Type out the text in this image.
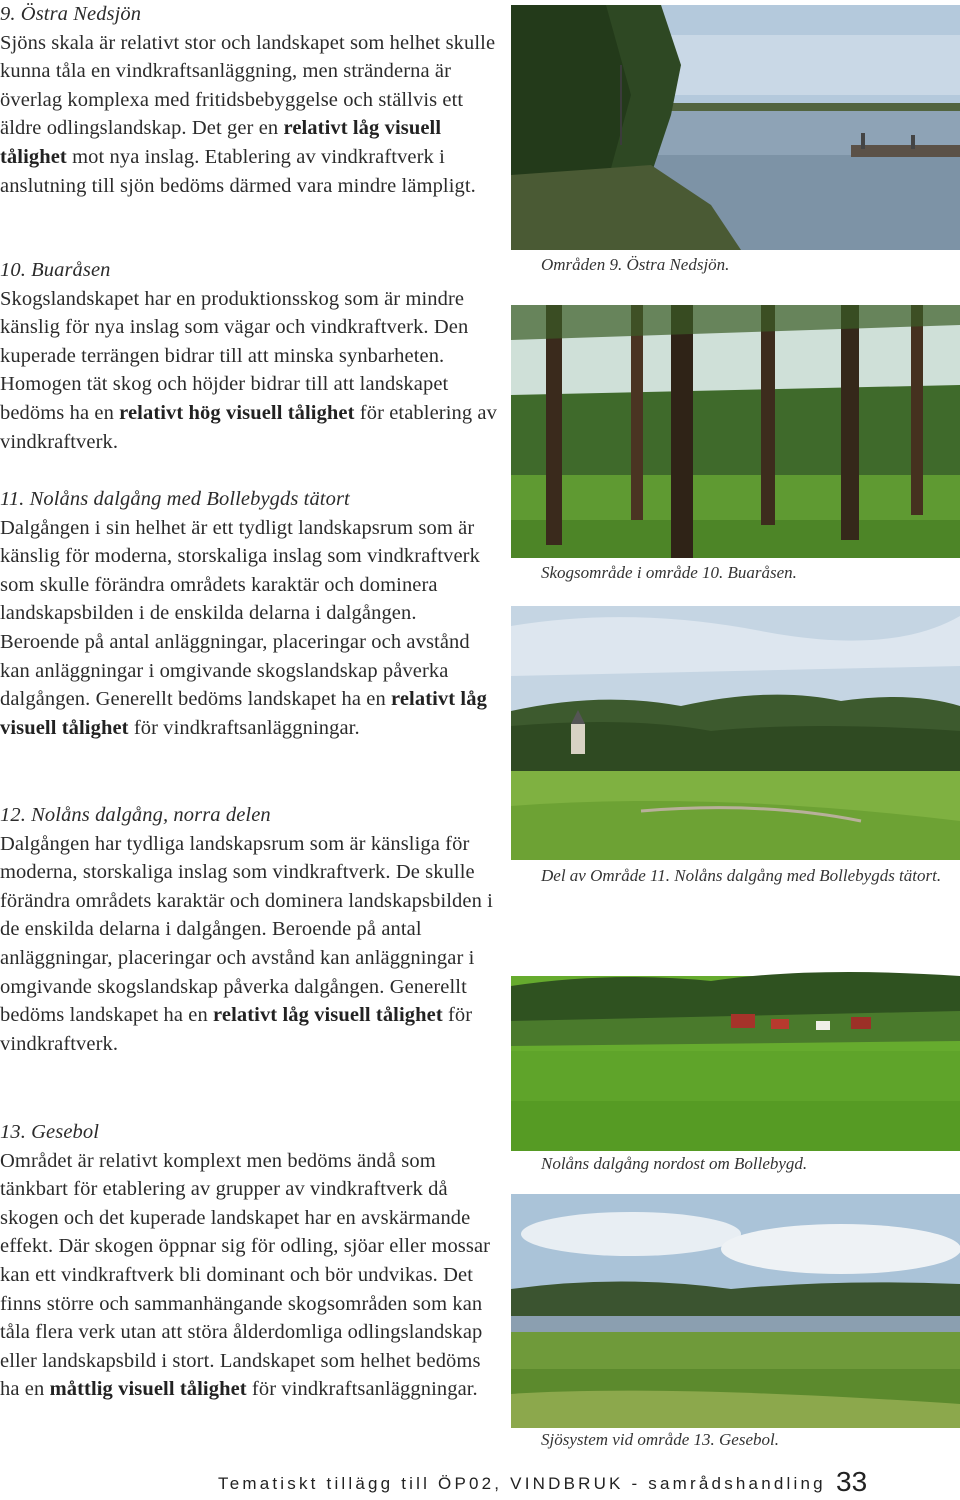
9. Östra Nedsjön

Sjöns skala är relativt stor och landskapet som helhet skulle kunna tåla en vindkraftsanläggning, men stränderna är överlag komplexa med fritidsbebyggelse och ställvis ett äldre odlingslandskap. Det ger en relativt låg visuell tålighet mot nya inslag. Etablering av vindkraftverk i anslutning till sjön bedöms därmed vara mindre lämpligt.

10. Buaråsen

Skogslandskapet har en produktionsskog som är mindre känslig för nya inslag som vägar och vindkraftverk. Den kuperade terrängen bidrar till att minska synbarheten. Homogen tät skog och höjder bidrar till att landskapet bedöms ha en relativt hög visuell tålighet för etablering av vindkraftverk.

11. Nolåns dalgång med Bollebygds tätort

Dalgången i sin helhet är ett tydligt landskapsrum som är känslig för moderna, storskaliga inslag som vindkraftverk som skulle förändra områdets karaktär och dominera landskapsbilden i de enskilda delarna i dalgången. Beroende på antal anläggningar, placeringar och avstånd kan anläggningar i omgivande skogslandskap påverka dalgången. Generellt bedöms landskapet ha en relativt låg visuell tålighet för vindkraftsanläggningar.

12. Nolåns dalgång, norra delen

Dalgången har tydliga landskapsrum som är känsliga för moderna, storskaliga inslag som vindkraftverk. De skulle förändra områdets karaktär och dominera landskapsbilden i de enskilda delarna i dalgången. Beroende på antal anläggningar, placeringar och avstånd kan anläggningar i omgivande skogslandskap påverka dalgången. Generellt bedöms landskapet ha en relativt låg visuell tålighet för vindkraftverk.

13. Gesebol

Området är relativt komplext men bedöms ändå som tänkbart för etablering av grupper av vindkraftverk då skogen och det kuperade landskapet har en avskärmande effekt. Där skogen öppnar sig för odling, sjöar eller mossar kan ett vindkraftverk bli dominant och bör undvikas. Det finns större och sammanhängande skogsområden som kan tåla flera verk utan att störa ålderdomliga odlingslandskap eller landskapsbild i stort. Landskapet som helhet bedöms ha en måttlig visuell tålighet för vindkraftsanläggningar.

Områden 9. Östra Nedsjön.
Skogsområde i område 10. Buaråsen.
Del av Område 11. Nolåns dalgång med Bollebygds tätort.
Nolåns dalgång nordost om Bollebygd.
Sjösystem vid område 13. Gesebol.
Tematiskt tillägg till ÖP02, VINDBRUK - samrådshandling 33
